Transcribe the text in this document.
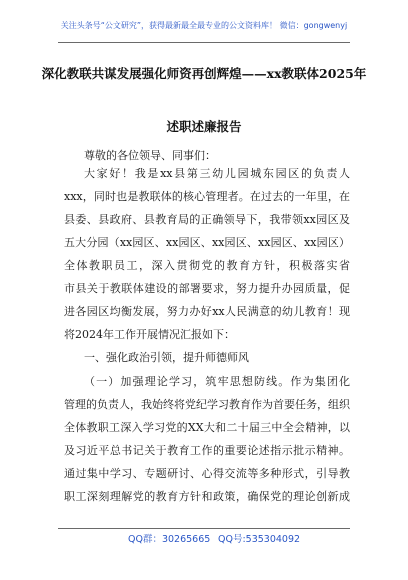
关注头条号“公文研究”，获得最新最全最专业的公文资料库！ 微信：gongwenyj
深化教联共谋发展强化师资再创辉煌——xx教联体2025年
述职述廉报告
尊敬的各位领导、同事们：
大家好！我是xx县第三幼儿园城东园区的负责人
xxx，同时也是教联体的核心管理者。在过去的一年里，在
县委、县政府、县教育局的正确领导下，我带领xx园区及
五大分园（xx园区、xx园区、xx园区、xx园区、xx园区）
全体教职员工，深入贯彻党的教育方针，积极落实省
市县关于教联体建设的部署要求，努力提升办园质量，促
进各园区均衡发展，努力办好xx人民满意的幼儿教育！现
将2024年工作开展情况汇报如下：
一、强化政治引领，提升师德师风
（一）加强理论学习，筑牢思想防线。作为集团化
管理的负责人，我始终将党纪学习教育作为首要任务，组织
全体教职工深入学习党的XX大和二十届三中全会精神，以
及习近平总书记关于教育工作的重要论述指示批示精神。
通过集中学习、专题研讨、心得交流等多种形式，引导教
职工深刻理解党的教育方针和政策，确保党的理论创新成
QQ群：30265665 QQ号:535304092
